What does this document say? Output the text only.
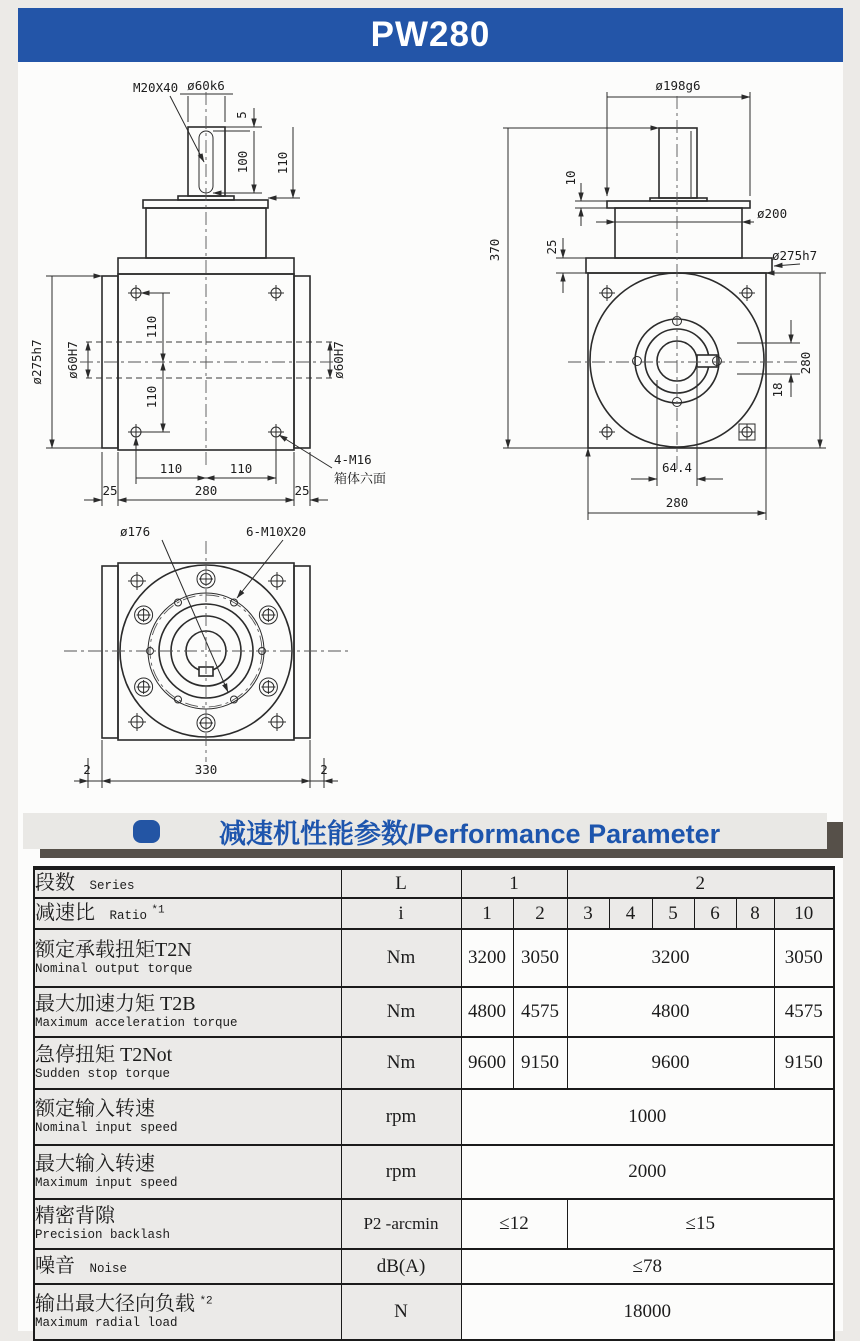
PW280
ø60k6
M20X40
5
100 110
ø275h7 ø60H7	ø60H7
110
110
110	110
25	280	25
4-M16
箱体六面
ø198g6
370
10
ø200
25
ø275h7
280
18
64.4
280
ø176	6-M10X20
2	330	2
减速机性能参数/Performance Parameter
段数 Series	L	1		2					
减速比 Ratio $^{*1}$	i	1	2	3	4	5	6	8	10
额定承载扭矩T2N
Nominal output torque	Nm	3200	3050	3200					3050
最大加速力矩 T2B
Maximum acceleration torque	Nm	4800	4575	4800					4575
急停扭矩 T2Not
Sudden stop torque	Nm	9600	9150	9600					9150
额定输入转速
Nominal input speed	rpm	1000							
最大输入转速
Maximum input speed	rpm	2000							
精密背隙
Precision backlash	P2 -arcmin	≤12		≤15					
噪音 Noise	dB(A)	≤78							
输出最大径向负载 $^{*2}$
Maximum radial load	N	18000							
